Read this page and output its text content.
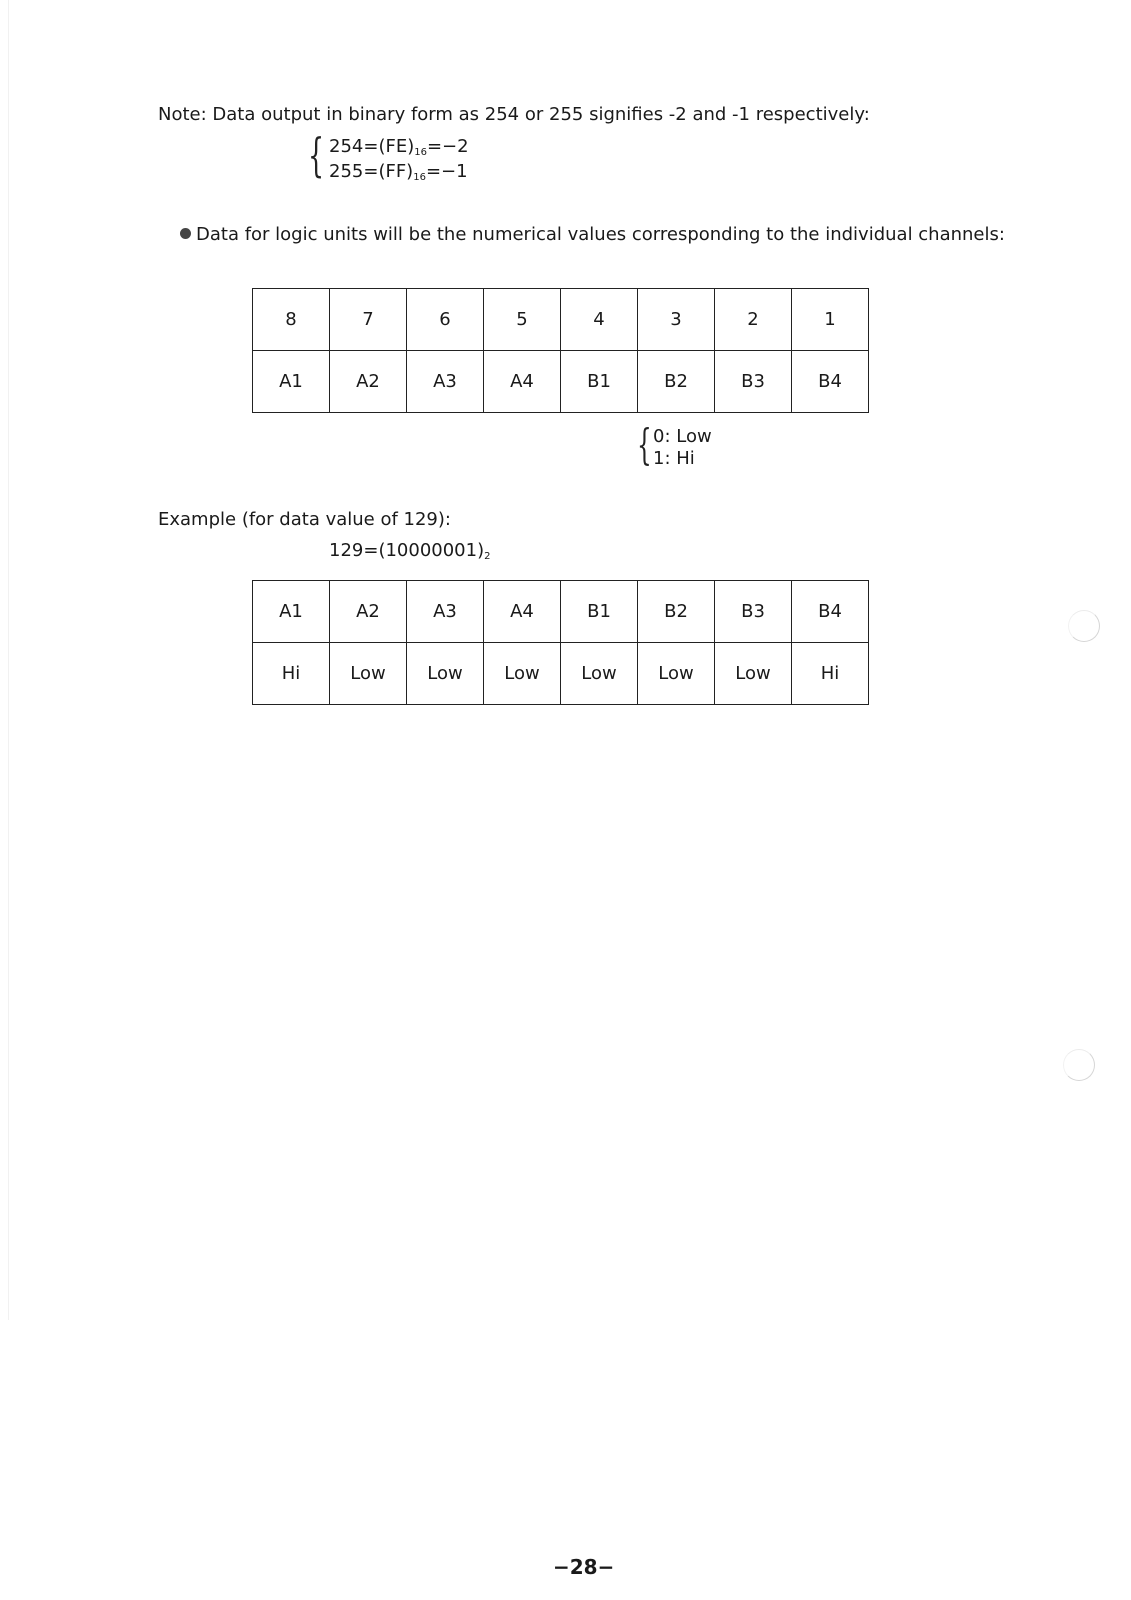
Note: Data output in binary form as 254 or 255 signifies -2 and -1 respectively:
{ $254=(FE)_{16}=-2$
$255=(FF)_{16}=-1$
Data for logic units will be the numerical values corresponding to the individual channels:
8	7	6	5	4	3	2	1
A1	A2	A3	A4	B1	B2	B3	B4
{ 0: Low
1: Hi
Example (for data value of 129):
$129=(10000001)_2$
A1	A2	A3	A4	B1	B2	B3	B4
Hi	Low	Low	Low	Low	Low	Low	Hi
−28−
